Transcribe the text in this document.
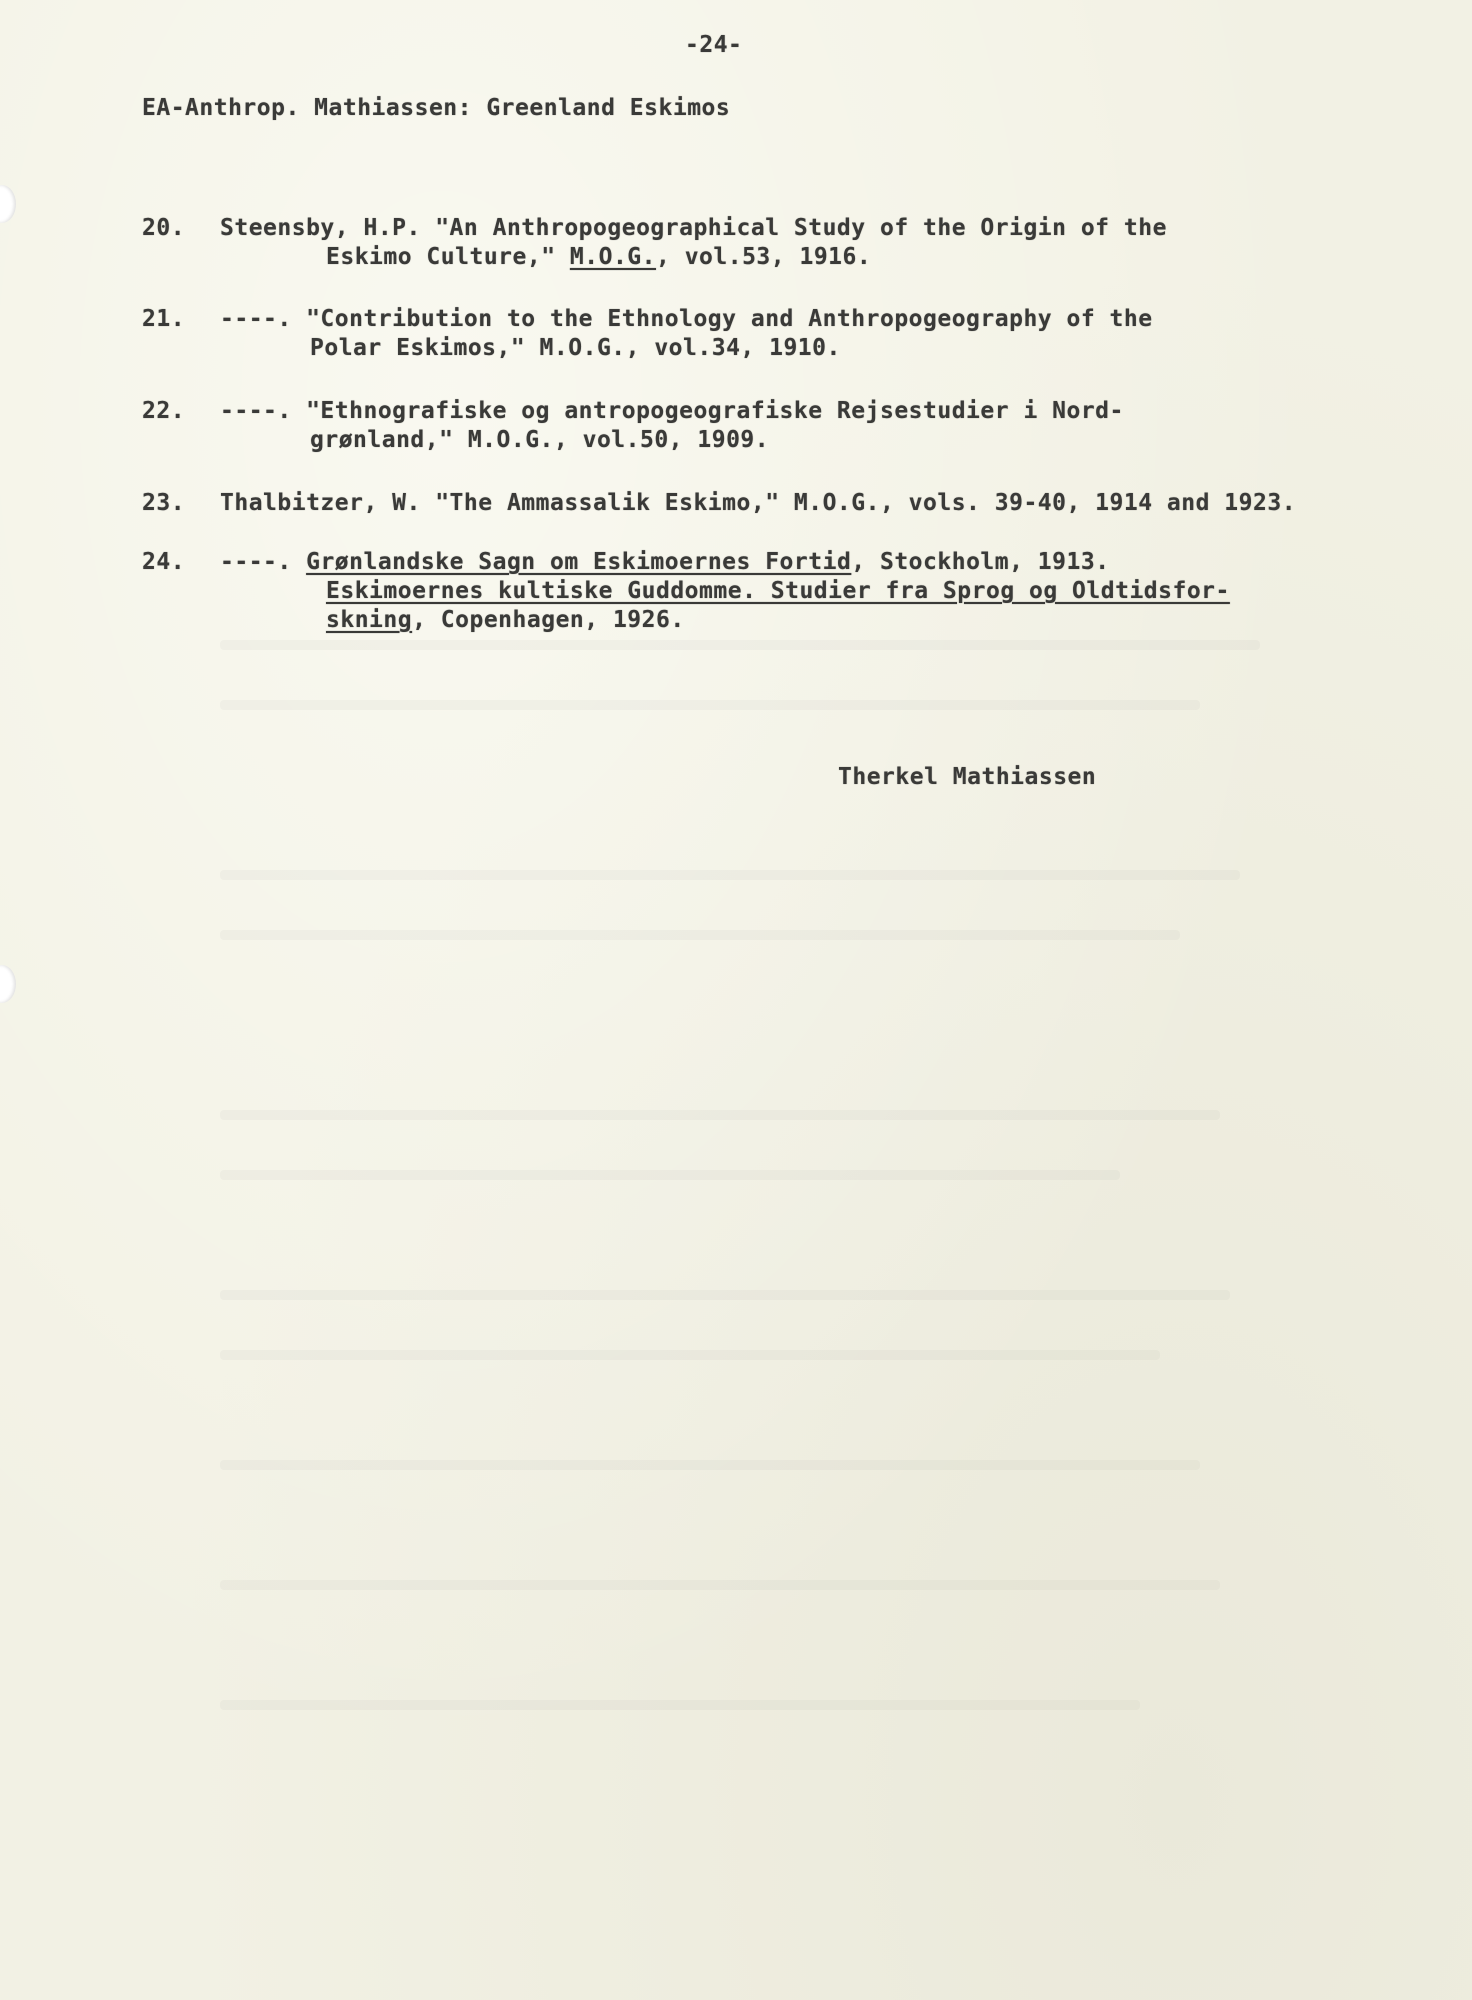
-24-
EA-Anthrop. Mathiassen: Greenland Eskimos
20. Steensby, H.P. "An Anthropogeographical Study of the Origin of the
Eskimo Culture," M.O.G., vol.53, 1916.
21. ----. "Contribution to the Ethnology and Anthropogeography of the
Polar Eskimos," M.O.G., vol.34, 1910.
22. ----. "Ethnografiske og antropogeografiske Rejsestudier i Nord-
grønland," M.O.G., vol.50, 1909.
23. Thalbitzer, W. "The Ammassalik Eskimo," M.O.G., vols. 39-40, 1914 and 1923.
24. ----. Grønlandske Sagn om Eskimoernes Fortid, Stockholm, 1913.
Eskimoernes kultiske Guddomme. Studier fra Sprog og Oldtidsfor-
skning, Copenhagen, 1926.
Therkel Mathiassen
